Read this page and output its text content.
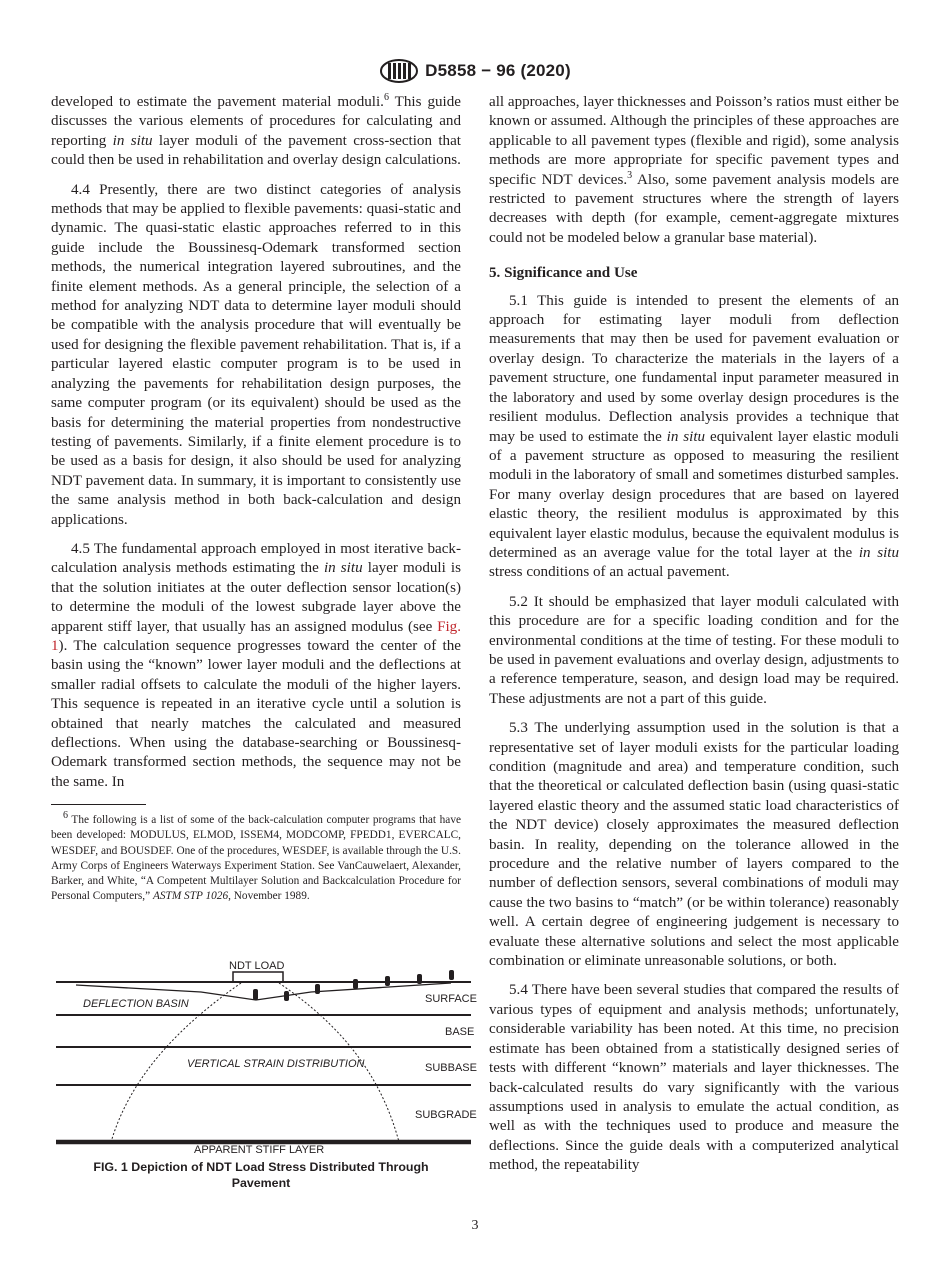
D5858 − 96 (2020)

developed to estimate the pavement material moduli.$^6$ This guide discusses the various elements of procedures for calculating and reporting in situ layer moduli of the pavement cross-section that could then be used in rehabilitation and overlay design calculations.

4.4 Presently, there are two distinct categories of analysis methods that may be applied to flexible pavements: quasi-static and dynamic. The quasi-static elastic approaches referred to in this guide include the Boussinesq-Odemark transformed section methods, the numerical integration layered subroutines, and the finite element methods. As a general principle, the selection of a method for analyzing NDT data to determine layer moduli should be compatible with the analysis procedure that will eventually be used for designing the flexible pavement rehabilitation. That is, if a particular layered elastic computer program is to be used in analyzing the pavements for rehabilitation design purposes, the same computer program (or its equivalent) should be used as the basis for determining the material properties from nondestructive testing of pavements. Similarly, if a finite element procedure is to be used as a basis for design, it also should be used for analyzing NDT pavement data. In summary, it is important to consistently use the same analysis method in both back-calculation and design applications.

4.5 The fundamental approach employed in most iterative back-calculation analysis methods estimating the in situ layer moduli is that the solution initiates at the outer deflection sensor location(s) to determine the moduli of the lowest subgrade layer above the apparent stiff layer, that usually has an assigned modulus (see Fig. 1). The calculation sequence progresses toward the center of the basin using the “known” lower layer moduli and the deflections at smaller radial offsets to calculate the moduli of the higher layers. This sequence is repeated in an iterative cycle until a solution is obtained that nearly matches the calculated and measured deflections. When using the database-searching or Boussinesq-Odemark transformed section methods, the sequence may not be the same. In

$^6$ The following is a list of some of the back-calculation computer programs that have been developed: MODULUS, ELMOD, ISSEM4, MODCOMP, FPEDD1, EVERCALC, WESDEF, and BOUSDEF. One of the procedures, WESDEF, is available through the U.S. Army Corps of Engineers Waterways Experiment Station. See VanCauwelaert, Alexander, Barker, and White, “A Competent Multilayer Solution and Backcalculation Procedure for Personal Computers,” ASTM STP 1026, November 1989.

NDT LOAD
DEFLECTION BASIN	SURFACE
BASE
VERTICAL STRAIN DISTRIBUTION	SUBBASE
SUBGRADE
APPARENT STIFF LAYER
FIG. 1 Depiction of NDT Load Stress Distributed Through
Pavement

all approaches, layer thicknesses and Poisson’s ratios must either be known or assumed. Although the principles of these approaches are applicable to all pavement types (flexible and rigid), some analysis methods are more appropriate for specific pavement types and specific NDT devices.$^3$ Also, some pavement analysis models are restricted to pavement structures where the strength of layers decreases with depth (for example, cement-aggregate mixtures could not be modeled below a granular base material).

5. Significance and Use

5.1 This guide is intended to present the elements of an approach for estimating layer moduli from deflection measurements that may then be used for pavement evaluation or overlay design. To characterize the materials in the layers of a pavement structure, one fundamental input parameter measured in the laboratory and used by some overlay design procedures is the resilient modulus. Deflection analysis provides a technique that may be used to estimate the in situ equivalent layer elastic moduli of a pavement structure as opposed to measuring the resilient moduli in the laboratory of small and sometimes disturbed samples. For many overlay design procedures that are based on layered elastic theory, the resilient modulus is approximated by this equivalent layer elastic modulus, because the equivalent modulus is determined as an average value for the total layer at the in situ stress conditions of an actual pavement.

5.2 It should be emphasized that layer moduli calculated with this procedure are for a specific loading condition and for the environmental conditions at the time of testing. For these moduli to be used in pavement evaluations and overlay design, adjustments to a reference temperature, season, and design load may be required. These adjustments are not a part of this guide.

5.3 The underlying assumption used in the solution is that a representative set of layer moduli exists for the particular loading condition (magnitude and area) and temperature condition, such that the theoretical or calculated deflection basin (using quasi-static layered elastic theory and the assumed static load characteristics of the NDT device) closely approximates the measured deflection basin. In reality, depending on the tolerance allowed in the procedure and the relative number of layers compared to the number of deflection sensors, several combinations of moduli may cause the two basins to “match” (or be within tolerance) reasonably well. A certain degree of engineering judgement is necessary to evaluate these alternative solutions and select the most applicable combination or eliminate unreasonable solutions, or both.

5.4 There have been several studies that compared the results of various types of equipment and analysis methods; unfortunately, considerable variability has been noted. At this time, no precision estimate has been obtained from a statistically designed series of tests with different “known” materials and layer thicknesses. The back-calculated results do vary significantly with the various assumptions used in analysis to emulate the actual condition, as well as with the techniques used to produce and measure the deflections. Since the guide deals with a computerized analytical method, the repeatability

3
